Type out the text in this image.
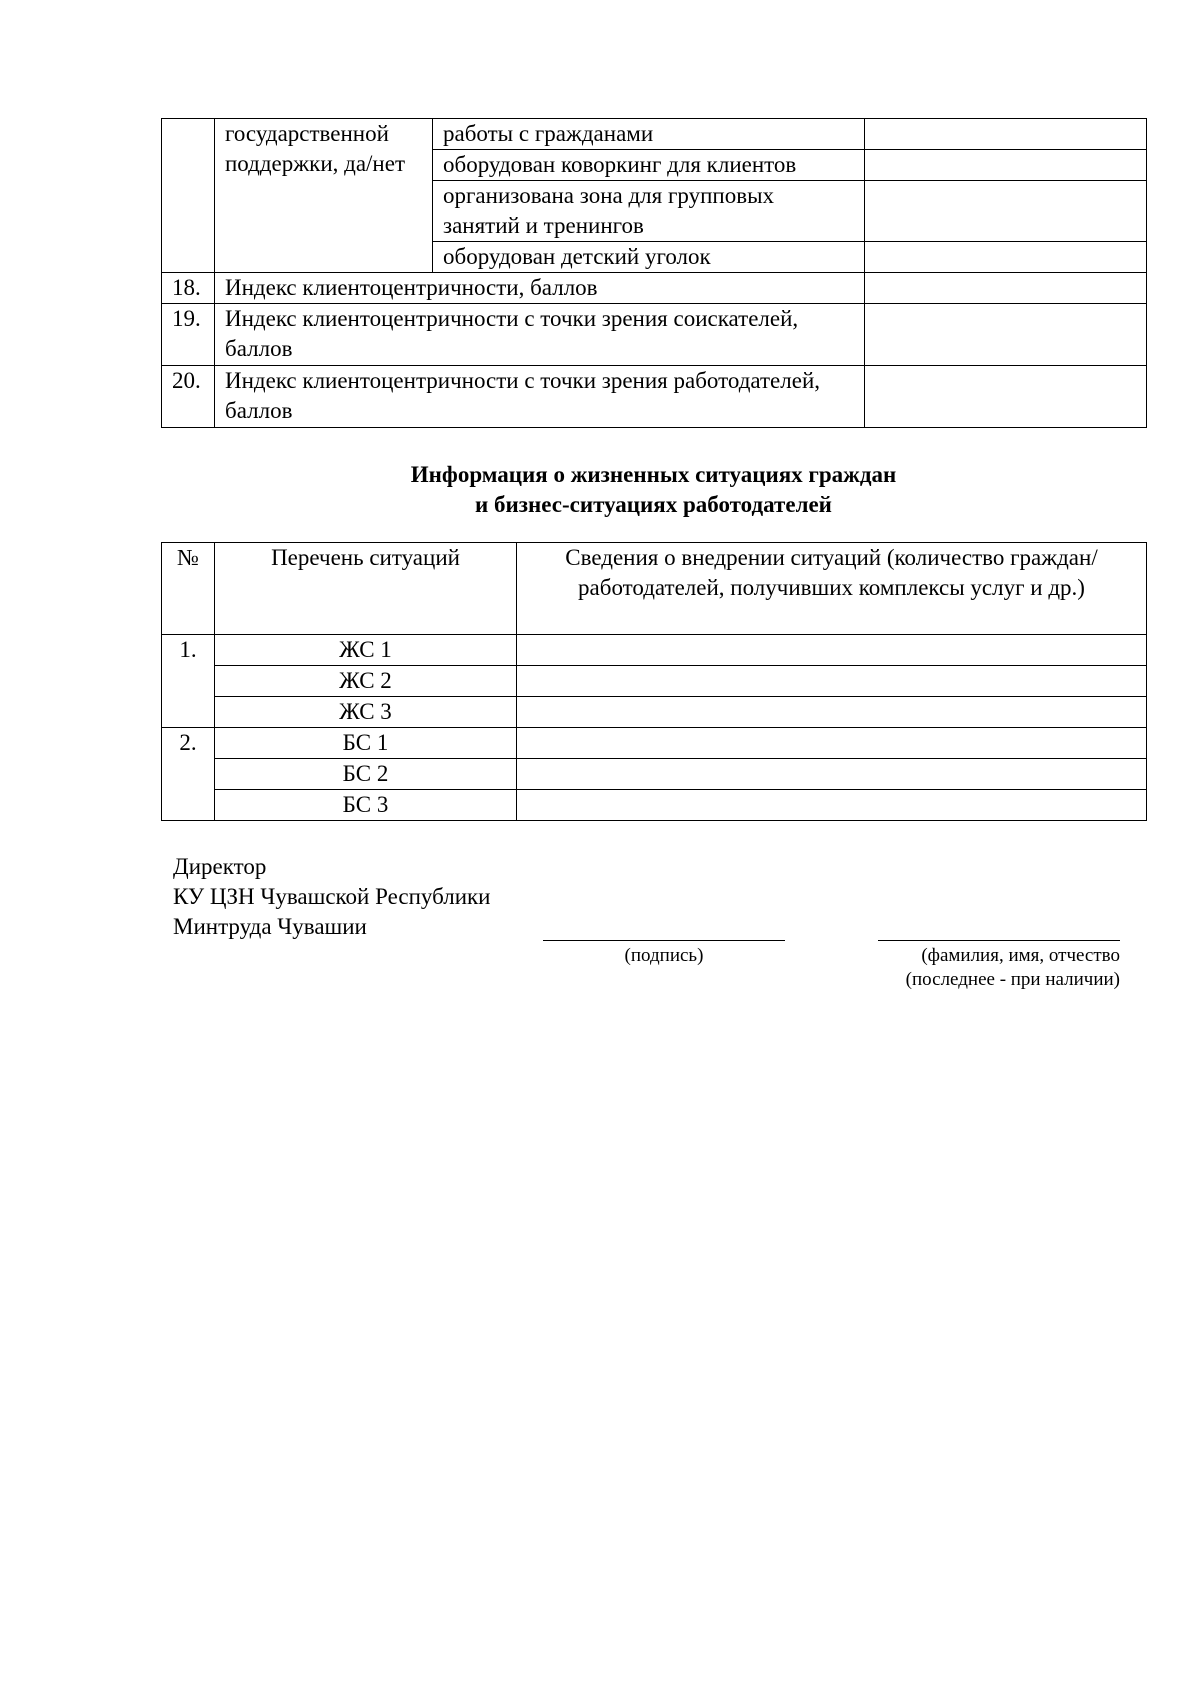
	государственной поддержки, да/нет	работы с гражданами	
		оборудован коворкинг для клиентов	
		организована зона для групповых занятий и тренингов	
		оборудован детский уголок	
18.	Индекс клиентоцентричности, баллов		
19.	Индекс клиентоцентричности с точки зрения соискателей, баллов		
20.	Индекс клиентоцентричности с точки зрения работодателей, баллов		
Информация о жизненных ситуациях граждан
и бизнес-ситуациях работодателей
№	Перечень ситуаций	Сведения о внедрении ситуаций (количество граждан/ работодателей, получивших комплексы услуг и др.)
1.	ЖС 1	
	ЖС 2	
	ЖС 3	
2.	БС 1	
	БС 2	
	БС 3	
Директор
КУ ЦЗН Чувашской Республики
Минтруда Чувашии
(подпись)	(фамилия, имя, отчество
(последнее - при наличии)
